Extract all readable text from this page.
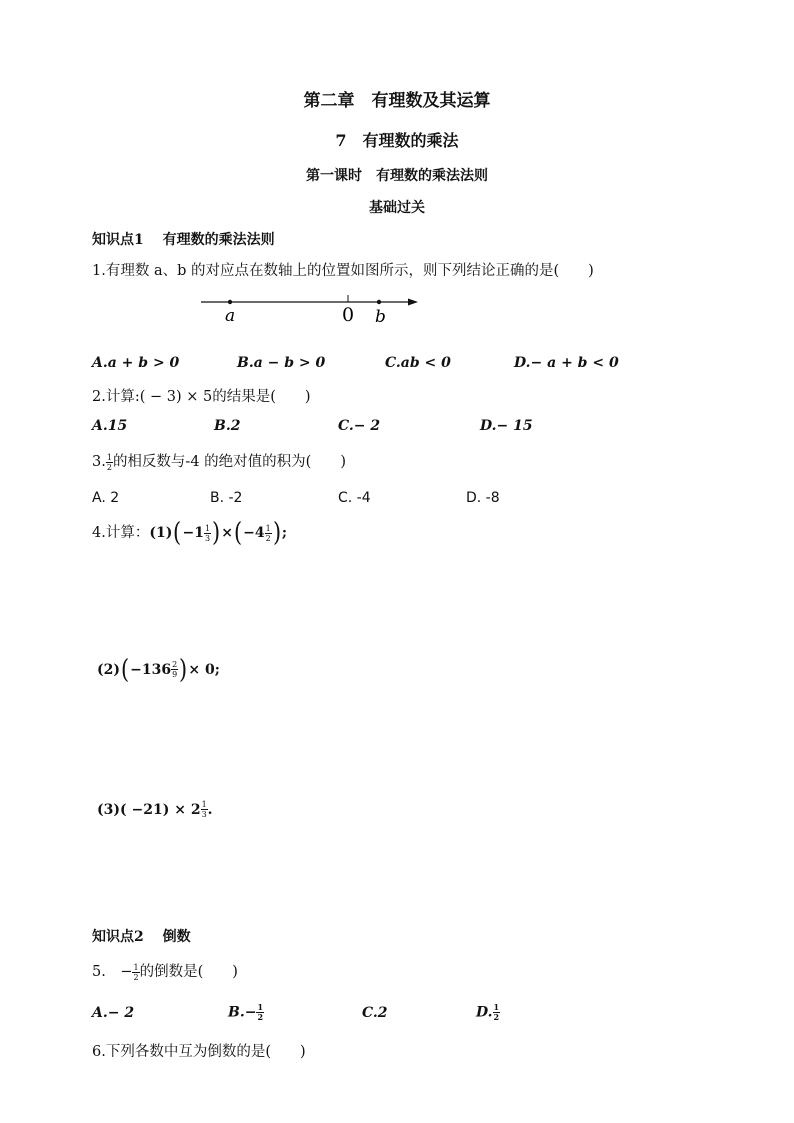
第二章　有理数及其运算
7　有理数的乘法
第一课时　有理数的乘法法则
基础过关
知识点1　 有理数的乘法法则
1.有理数 a、b 的对应点在数轴上的位置如图所示，则下列结论正确的是(　　)
a	0 b
A.a + b > 0	B.a − b > 0	C.ab < 0	D.− a + b < 0
2.计算:( − 3) × 5的结果是(　　)
A.15	B.2	C.− 2	D.− 15
3. $\frac{1}{2}$ 的相反数与-4 的绝对值的积为(　　)
A. 2	B. -2	C. -4	D. -8
4.计算：$(1)(-1 \frac{1}{3} )\times(-4 \frac{1}{2}$ );
$(2)(-136 \frac{2}{9}$ )× 0;
$(3)( -21) \times 2 \frac{1}{3}$ .
知识点2　 倒数
5.　− $\frac{1}{2}$ 的倒数是(　　)
A.− 2	$B.- \frac{1}{2}$	C.2	D. $\frac{1}{2}$
6.下列各数中互为倒数的是(　　)
